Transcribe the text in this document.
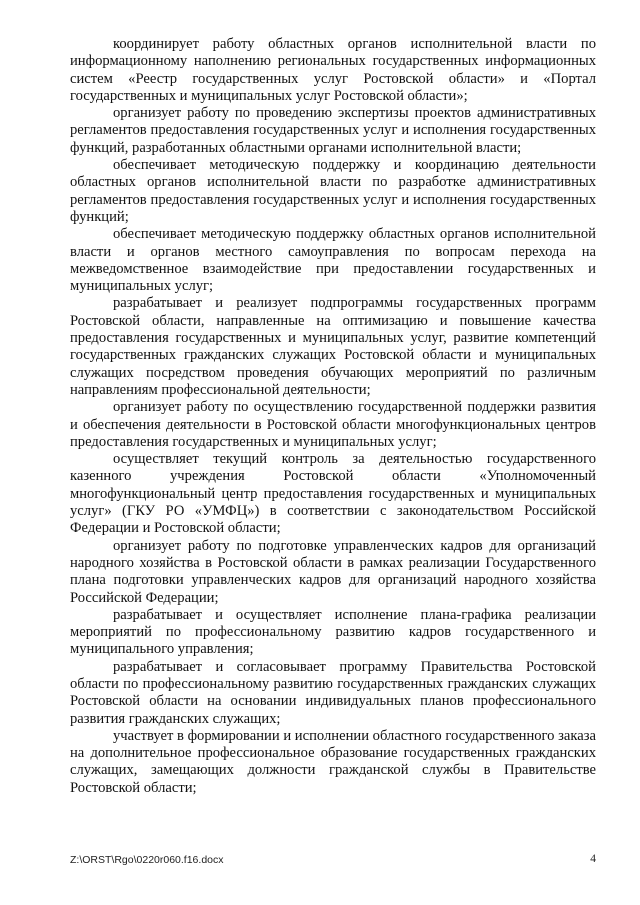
координирует работу областных органов исполнительной власти по информационному наполнению региональных государственных информационных систем «Реестр государственных услуг Ростовской области» и «Портал государственных и муниципальных услуг Ростовской области»;

организует работу по проведению экспертизы проектов административных регламентов предоставления государственных услуг и исполнения государственных функций, разработанных областными органами исполнительной власти;

обеспечивает методическую поддержку и координацию деятельности областных органов исполнительной власти по разработке административных регламентов предоставления государственных услуг и исполнения государственных функций;

обеспечивает методическую поддержку областных органов исполнительной власти и органов местного самоуправления по вопросам перехода на межведомственное взаимодействие при предоставлении государственных и муниципальных услуг;

разрабатывает и реализует подпрограммы государственных программ Ростовской области, направленные на оптимизацию и повышение качества предоставления государственных и муниципальных услуг, развитие компетенций государственных гражданских служащих Ростовской области и муниципальных служащих посредством проведения обучающих мероприятий по различным направлениям профессиональной деятельности;

организует работу по осуществлению государственной поддержки развития и обеспечения деятельности в Ростовской области многофункциональных центров предоставления государственных и муниципальных услуг;

осуществляет текущий контроль за деятельностью государственного казенного учреждения Ростовской области «Уполномоченный многофункциональный центр предоставления государственных и муниципальных услуг» (ГКУ РО «УМФЦ») в соответствии с законодательством Российской Федерации и Ростовской области;

организует работу по подготовке управленческих кадров для организаций народного хозяйства в Ростовской области в рамках реализации Государственного плана подготовки управленческих кадров для организаций народного хозяйства Российской Федерации;

разрабатывает и осуществляет исполнение плана-графика реализации мероприятий по профессиональному развитию кадров государственного и муниципального управления;

разрабатывает и согласовывает программу Правительства Ростовской области по профессиональному развитию государственных гражданских служащих Ростовской области на основании индивидуальных планов профессионального развития гражданских служащих;

участвует в формировании и исполнении областного государственного заказа на дополнительное профессиональное образование государственных гражданских служащих, замещающих должности гражданской службы в Правительстве Ростовской области;

Z:\ORST\Rgo\0220r060.f16.docx	4
